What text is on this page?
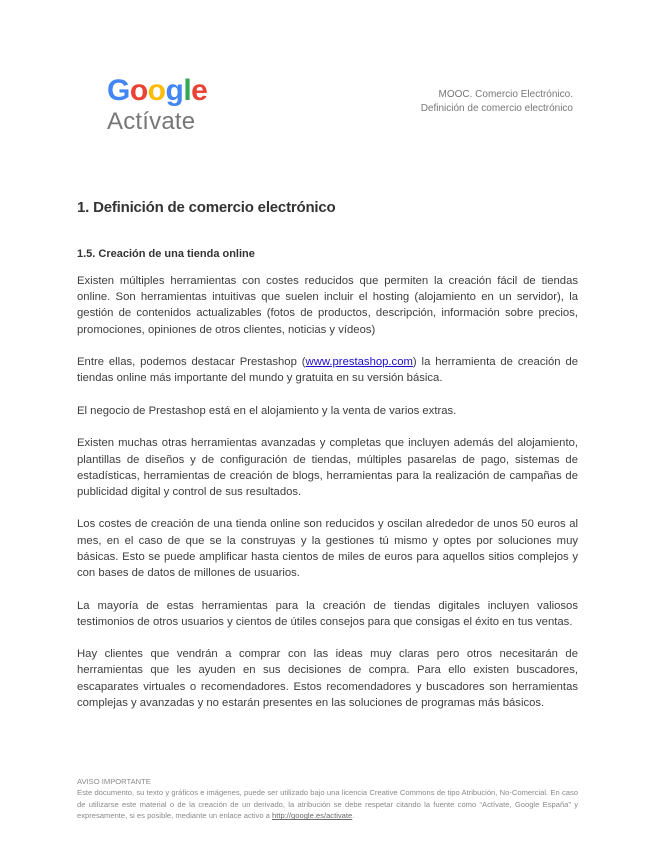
Google
Actívate
MOOC. Comercio Electrónico.
Definición de comercio electrónico
1. Definición de comercio electrónico
1.5. Creación de una tienda online

Existen múltiples herramientas con costes reducidos que permiten la creación fácil de tiendas online. Son herramientas intuitivas que suelen incluir el hosting (alojamiento en un servidor), la gestión de contenidos actualizables (fotos de productos, descripción, información sobre precios, promociones, opiniones de otros clientes, noticias y vídeos)

Entre ellas, podemos destacar Prestashop (www.prestashop.com) la herramienta de creación de tiendas online más importante del mundo y gratuita en su versión básica.

El negocio de Prestashop está en el alojamiento y la venta de varios extras.

Existen muchas otras herramientas avanzadas y completas que incluyen además del alojamiento, plantillas de diseños y de configuración de tiendas, múltiples pasarelas de pago, sistemas de estadísticas, herramientas de creación de blogs, herramientas para la realización de campañas de publicidad digital y control de sus resultados.

Los costes de creación de una tienda online son reducidos y oscilan alrededor de unos 50 euros al mes, en el caso de que se la construyas y la gestiones tú mismo y optes por soluciones muy básicas. Esto se puede amplificar hasta cientos de miles de euros para aquellos sitios complejos y con bases de datos de millones de usuarios.

La mayoría de estas herramientas para la creación de tiendas digitales incluyen valiosos testimonios de otros usuarios y cientos de útiles consejos para que consigas el éxito en tus ventas.

Hay clientes que vendrán a comprar con las ideas muy claras pero otros necesitarán de herramientas que les ayuden en sus decisiones de compra. Para ello existen buscadores, escaparates virtuales o recomendadores. Estos recomendadores y buscadores son herramientas complejas y avanzadas y no estarán presentes en las soluciones de programas más básicos.

AVISO IMPORTANTE
Este documento, su texto y gráficos e imágenes, puede ser utilizado bajo una licencia Creative Commons de tipo Atribución, No-Comercial. En caso de utilizarse este material o de la creación de un derivado, la atribución se debe respetar citando la fuente como “Actívate, Google España” y expresamente, si es posible, mediante un enlace activo a http://google.es/activate.
